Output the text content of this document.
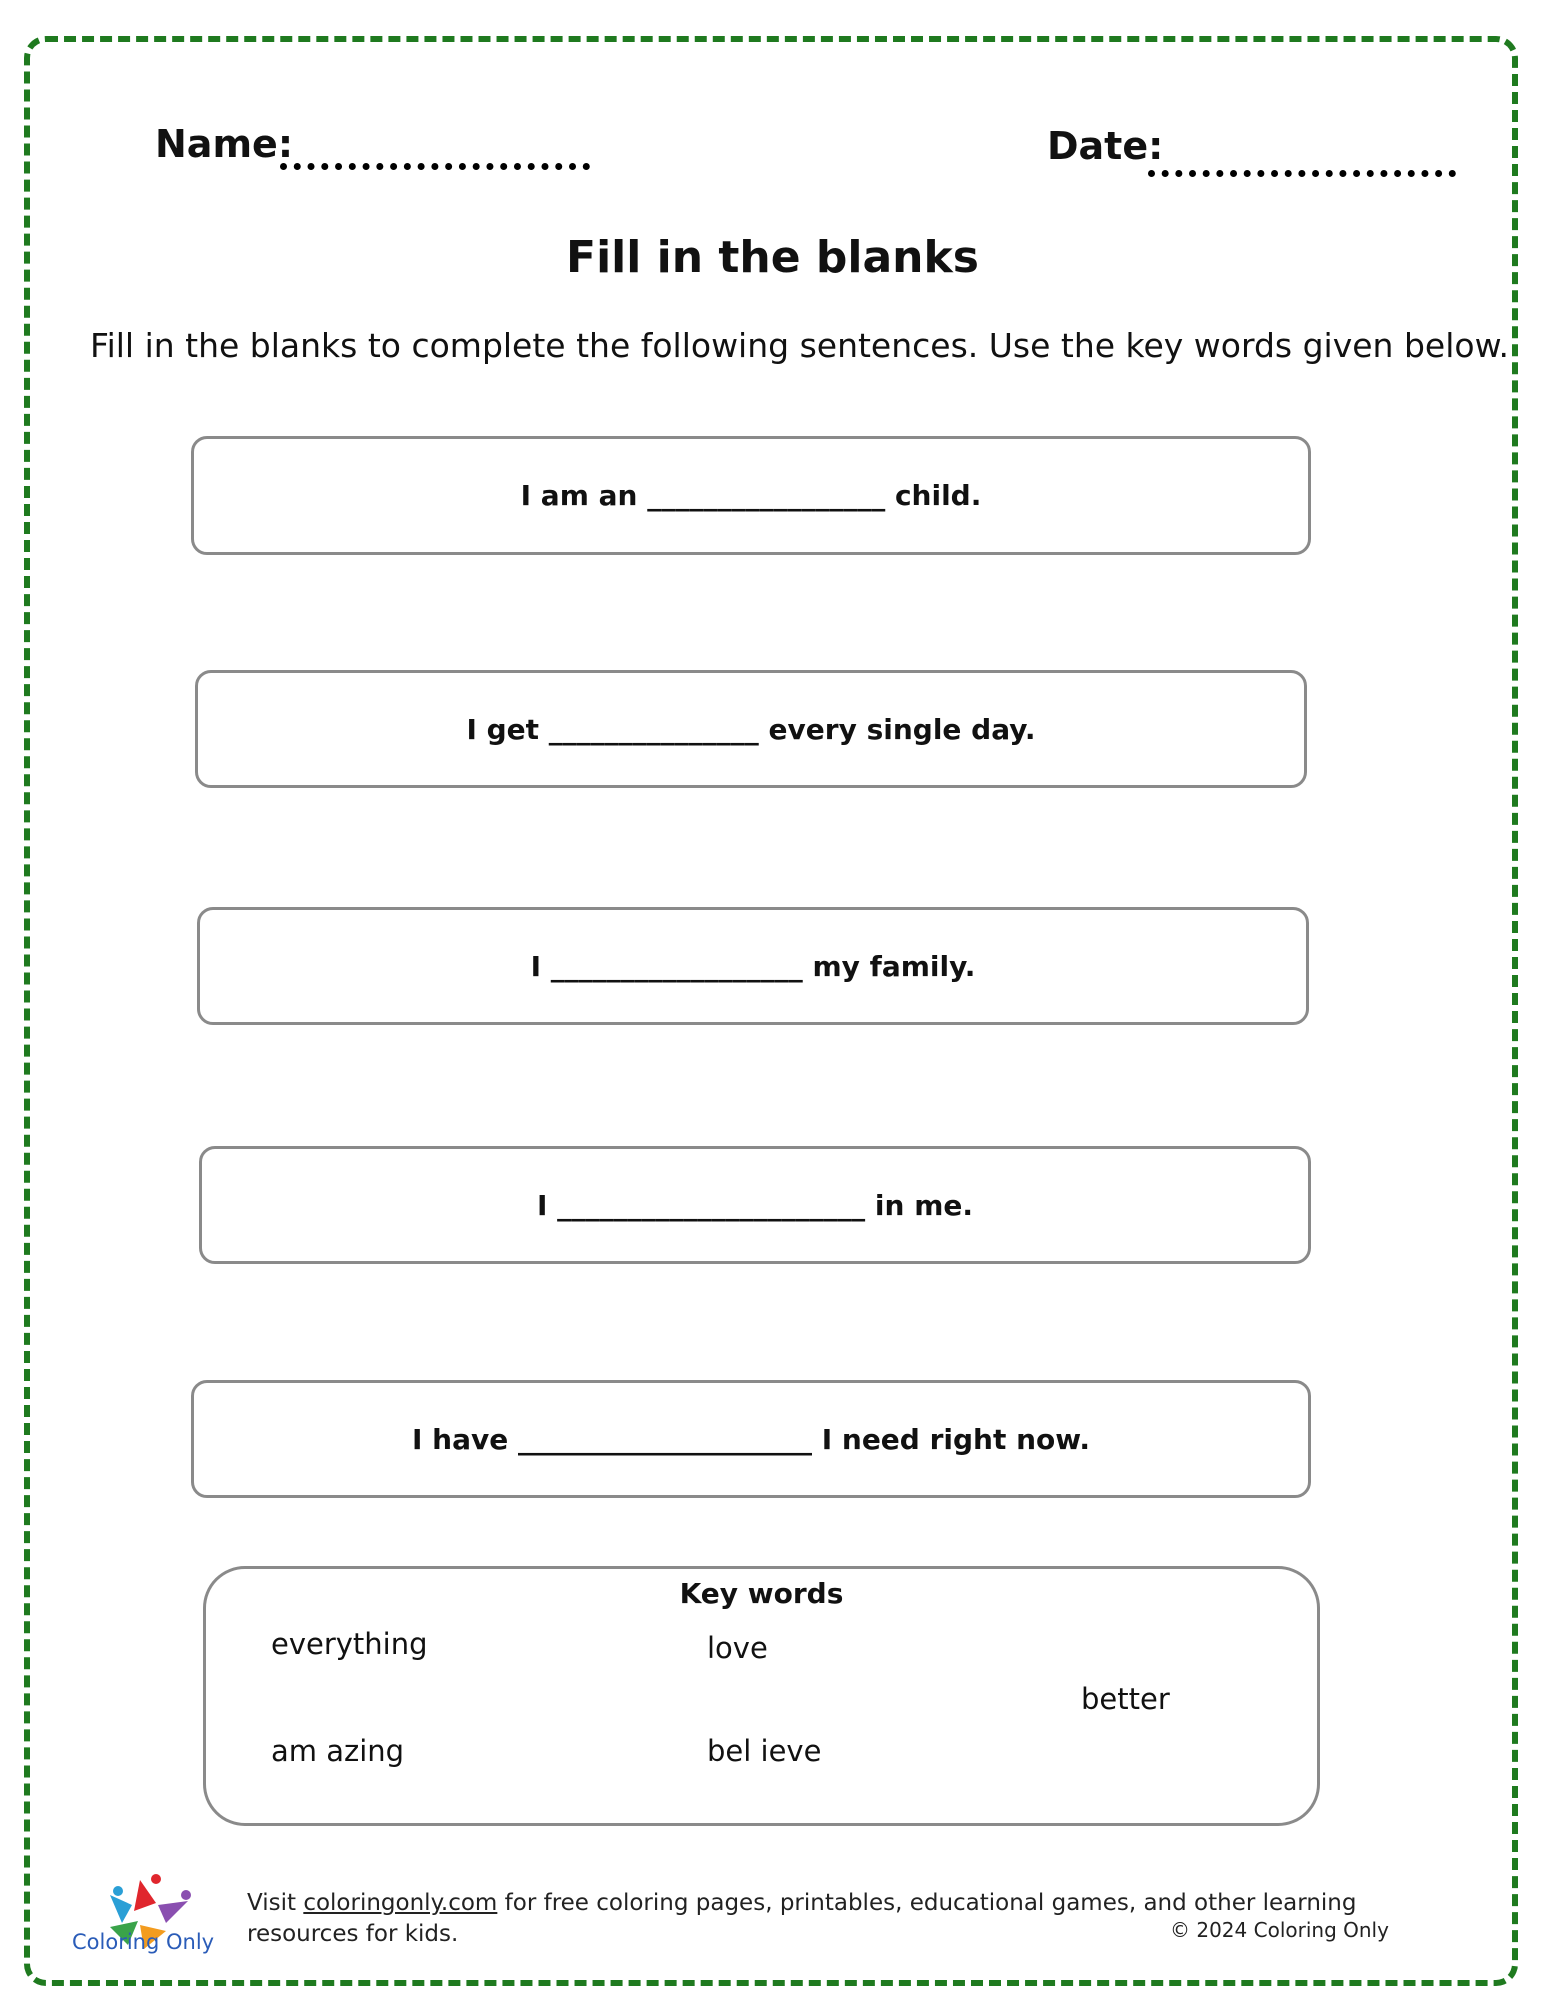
Name:	Date:
Fill in the blanks
Fill in the blanks to complete the following sentences. Use the key words given below.
I am an _________________ child.
I get _______________ every single day.
I __________________ my family.
I ______________________ in me.
I have _____________________ I need right now.
Key words
everything	love
better
am azing	bel ieve
Coloring Only
Visit coloringonly.com for free coloring pages, printables, educational games, and other learning resources for kids.	© 2024 Coloring Only
